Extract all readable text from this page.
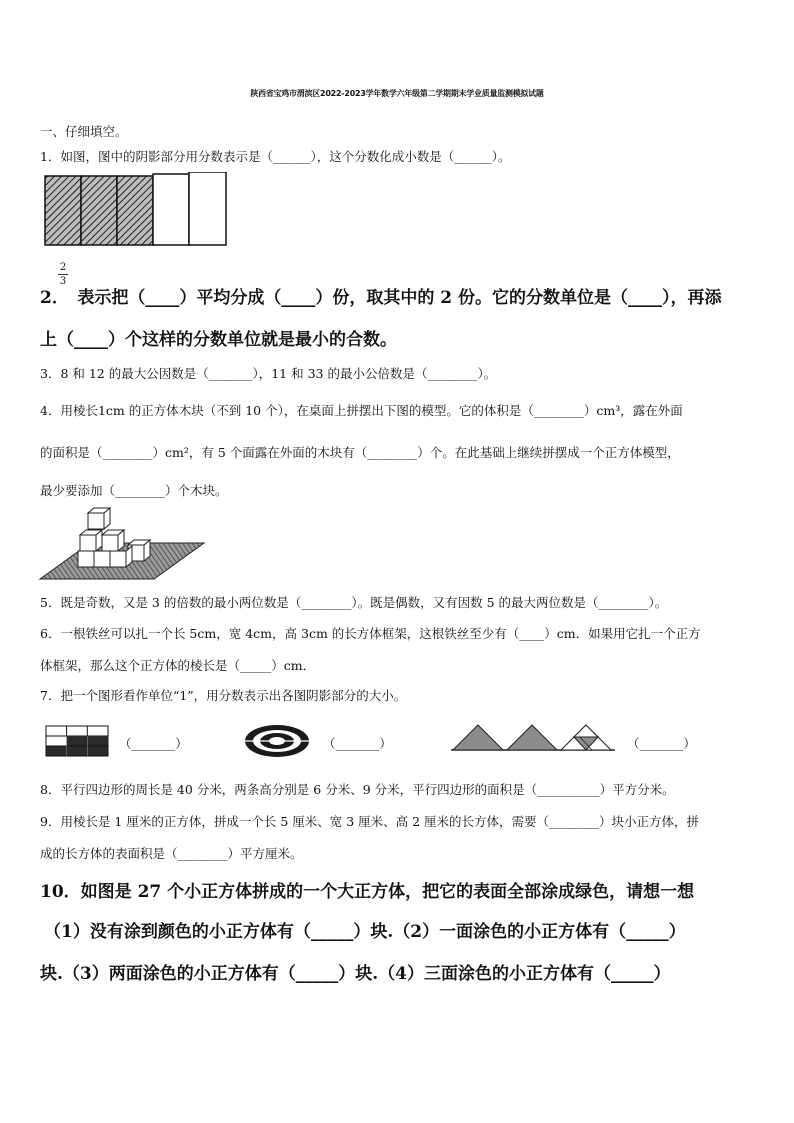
陕西省宝鸡市渭滨区2022-2023学年数学六年级第二学期期末学业质量监测模拟试题
一、仔细填空。
1．如图，图中的阴影部分用分数表示是（______），这个分数化成小数是（______）。
2
3
2．　表示把（____）平均分成（____）份，取其中的 2 份。它的分数单位是（____），再添
上（____）个这样的分数单位就是最小的合数。
3．8 和 12 的最大公因数是（_______），11 和 33 的最小公倍数是（________）。
4．用棱长1cm 的正方体木块（不到 10 个），在桌面上拼摆出下图的模型。它的体积是（________）cm³，露在外面
的面积是（________）cm²，有 5 个面露在外面的木块有（________）个。在此基础上继续拼摆成一个正方体模型，
最少要添加（________）个木块。
5．既是奇数，又是 3 的倍数的最小两位数是（________）。既是偶数，又有因数 5 的最大两位数是（________）。
6．一根铁丝可以扎一个长 5cm，宽 4cm，高 3cm 的长方体框架，这根铁丝至少有（____）cm．如果用它扎一个正方
体框架，那么这个正方体的棱长是（_____）cm．
7．把一个图形看作单位“1”，用分数表示出各图阴影部分的大小。
（_______）	（_______）	（_______）
8．平行四边形的周长是 40 分米，两条高分别是 6 分米、9 分米，平行四边形的面积是（__________）平方分米。
9．用棱长是 1 厘米的正方体，拼成一个长 5 厘米、宽 3 厘米、高 2 厘米的长方体，需要（________）块小正方体，拼
成的长方体的表面积是（________）平方厘米。
10．如图是 27 个小正方体拼成的一个大正方体，把它的表面全部涂成绿色，请想一想
（1）没有涂到颜色的小正方体有（_____）块.（2）一面涂色的小正方体有（_____）
块.（3）两面涂色的小正方体有（_____）块.（4）三面涂色的小正方体有（_____）
